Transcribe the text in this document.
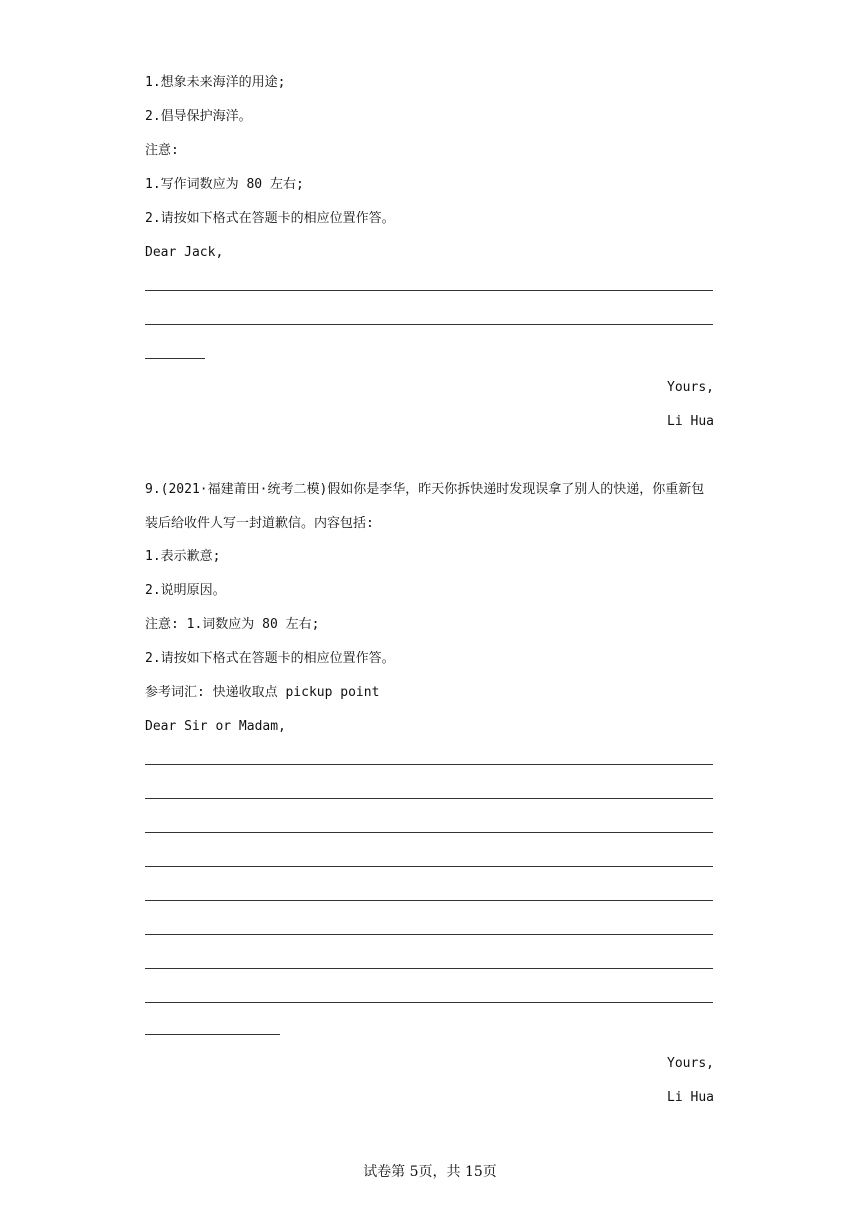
1.想象未来海洋的用途;
2.倡导保护海洋。
注意:
1.写作词数应为 80 左右;
2.请按如下格式在答题卡的相应位置作答。
Dear Jack,
Yours,
Li Hua
9.(2021·福建莆田·统考二模)假如你是李华，昨天你拆快递时发现误拿了别人的快递，你重新包装后给收件人写一封道歉信。内容包括:
1.表示歉意;
2.说明原因。
注意: 1.词数应为 80 左右;
2.请按如下格式在答题卡的相应位置作答。
参考词汇: 快递收取点 pickup point
Dear Sir or Madam,
Yours,
Li Hua
试卷第 5页，共 15页
